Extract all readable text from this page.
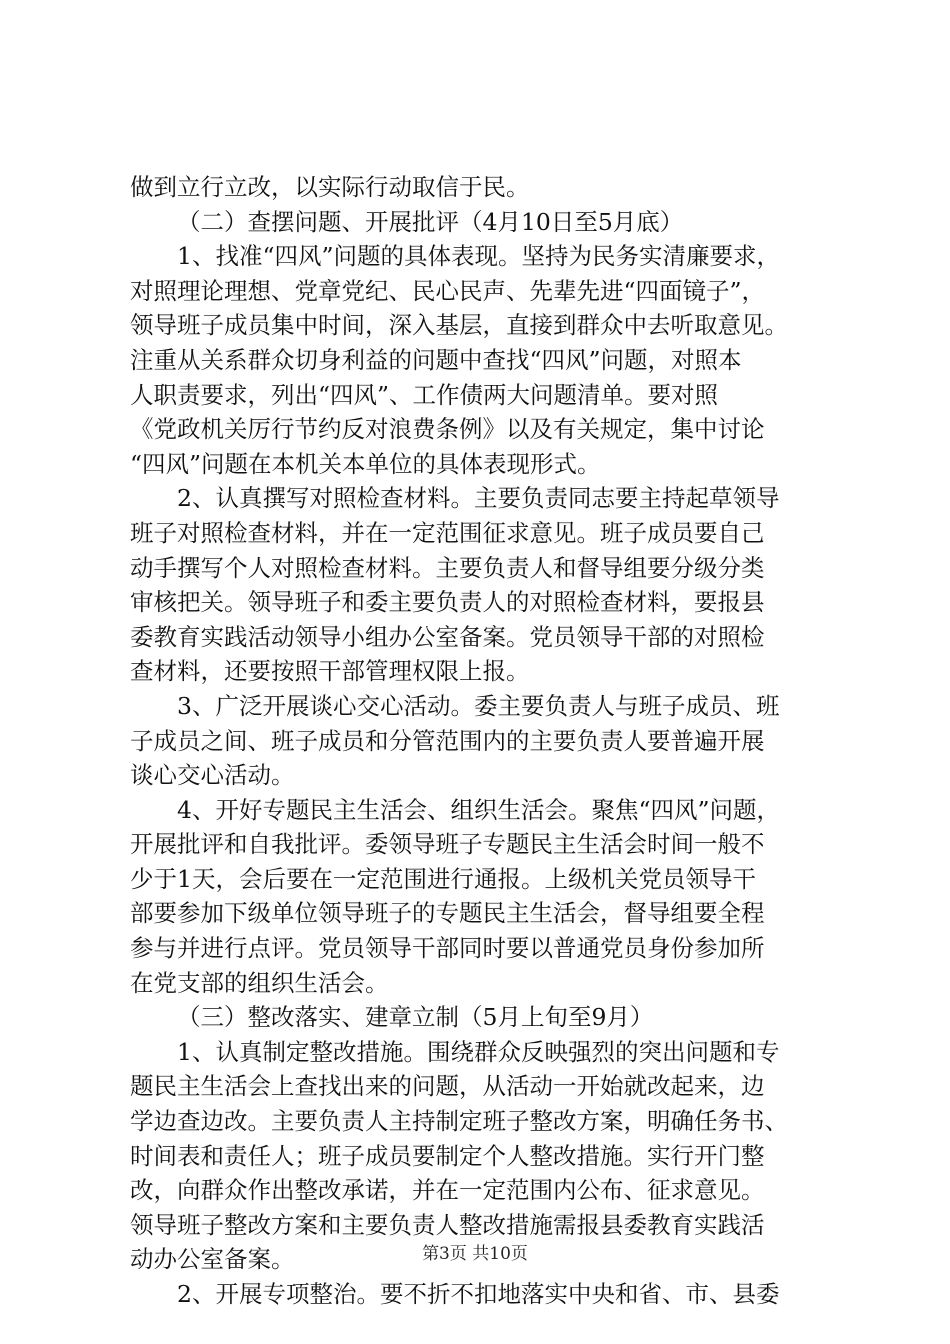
做到立行立改，以实际行动取信于民。
（二）查摆问题、开展批评（4月10日至5月底）
1、找准“四风”问题的具体表现。坚持为民务实清廉要求，
对照理论理想、党章党纪、民心民声、先辈先进“四面镜子”，
领导班子成员集中时间，深入基层，直接到群众中去听取意见。
注重从关系群众切身利益的问题中查找“四风”问题，对照本
人职责要求，列出“四风”、工作债两大问题清单。要对照
《党政机关厉行节约反对浪费条例》以及有关规定，集中讨论
“四风”问题在本机关本单位的具体表现形式。
2、认真撰写对照检查材料。主要负责同志要主持起草领导
班子对照检查材料，并在一定范围征求意见。班子成员要自己
动手撰写个人对照检查材料。主要负责人和督导组要分级分类
审核把关。领导班子和委主要负责人的对照检查材料，要报县
委教育实践活动领导小组办公室备案。党员领导干部的对照检
查材料，还要按照干部管理权限上报。
3、广泛开展谈心交心活动。委主要负责人与班子成员、班
子成员之间、班子成员和分管范围内的主要负责人要普遍开展
谈心交心活动。
4、开好专题民主生活会、组织生活会。聚焦“四风”问题，
开展批评和自我批评。委领导班子专题民主生活会时间一般不
少于1天，会后要在一定范围进行通报。上级机关党员领导干
部要参加下级单位领导班子的专题民主生活会，督导组要全程
参与并进行点评。党员领导干部同时要以普通党员身份参加所
在党支部的组织生活会。
（三）整改落实、建章立制（5月上旬至9月）
1、认真制定整改措施。围绕群众反映强烈的突出问题和专
题民主生活会上查找出来的问题，从活动一开始就改起来，边
学边查边改。主要负责人主持制定班子整改方案，明确任务书、
时间表和责任人；班子成员要制定个人整改措施。实行开门整
改，向群众作出整改承诺，并在一定范围内公布、征求意见。
领导班子整改方案和主要负责人整改措施需报县委教育实践活
动办公室备案。
2、开展专项整治。要不折不扣地落实中央和省、市、县委
第3页 共10页
